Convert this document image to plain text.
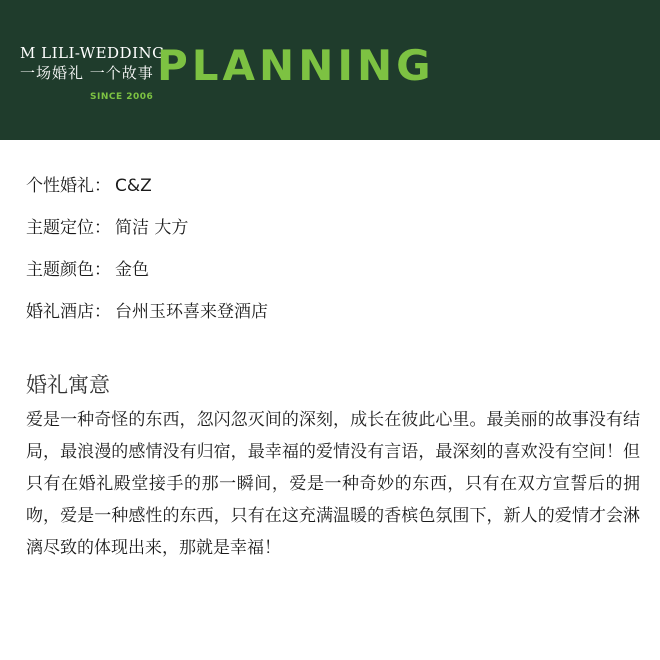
M LILI-WEDDING
一场婚礼 一个故事 PLANNING
SINCE 2006
个性婚礼： C&Z
主题定位： 简洁 大方
主题颜色： 金色
婚礼酒店： 台州玉环喜来登酒店
婚礼寓意
爱是一种奇怪的东西，忽闪忽灭间的深刻，成长在彼此心里。最美丽的故事没有结局，最浪漫的感情没有归宿，最幸福的爱情没有言语，最深刻的喜欢没有空间！但只有在婚礼殿堂接手的那一瞬间，爱是一种奇妙的东西，只有在双方宣誓后的拥吻，爱是一种感性的东西，只有在这充满温暖的香槟色氛围下，新人的爱情才会淋漓尽致的体现出来，那就是幸福！
